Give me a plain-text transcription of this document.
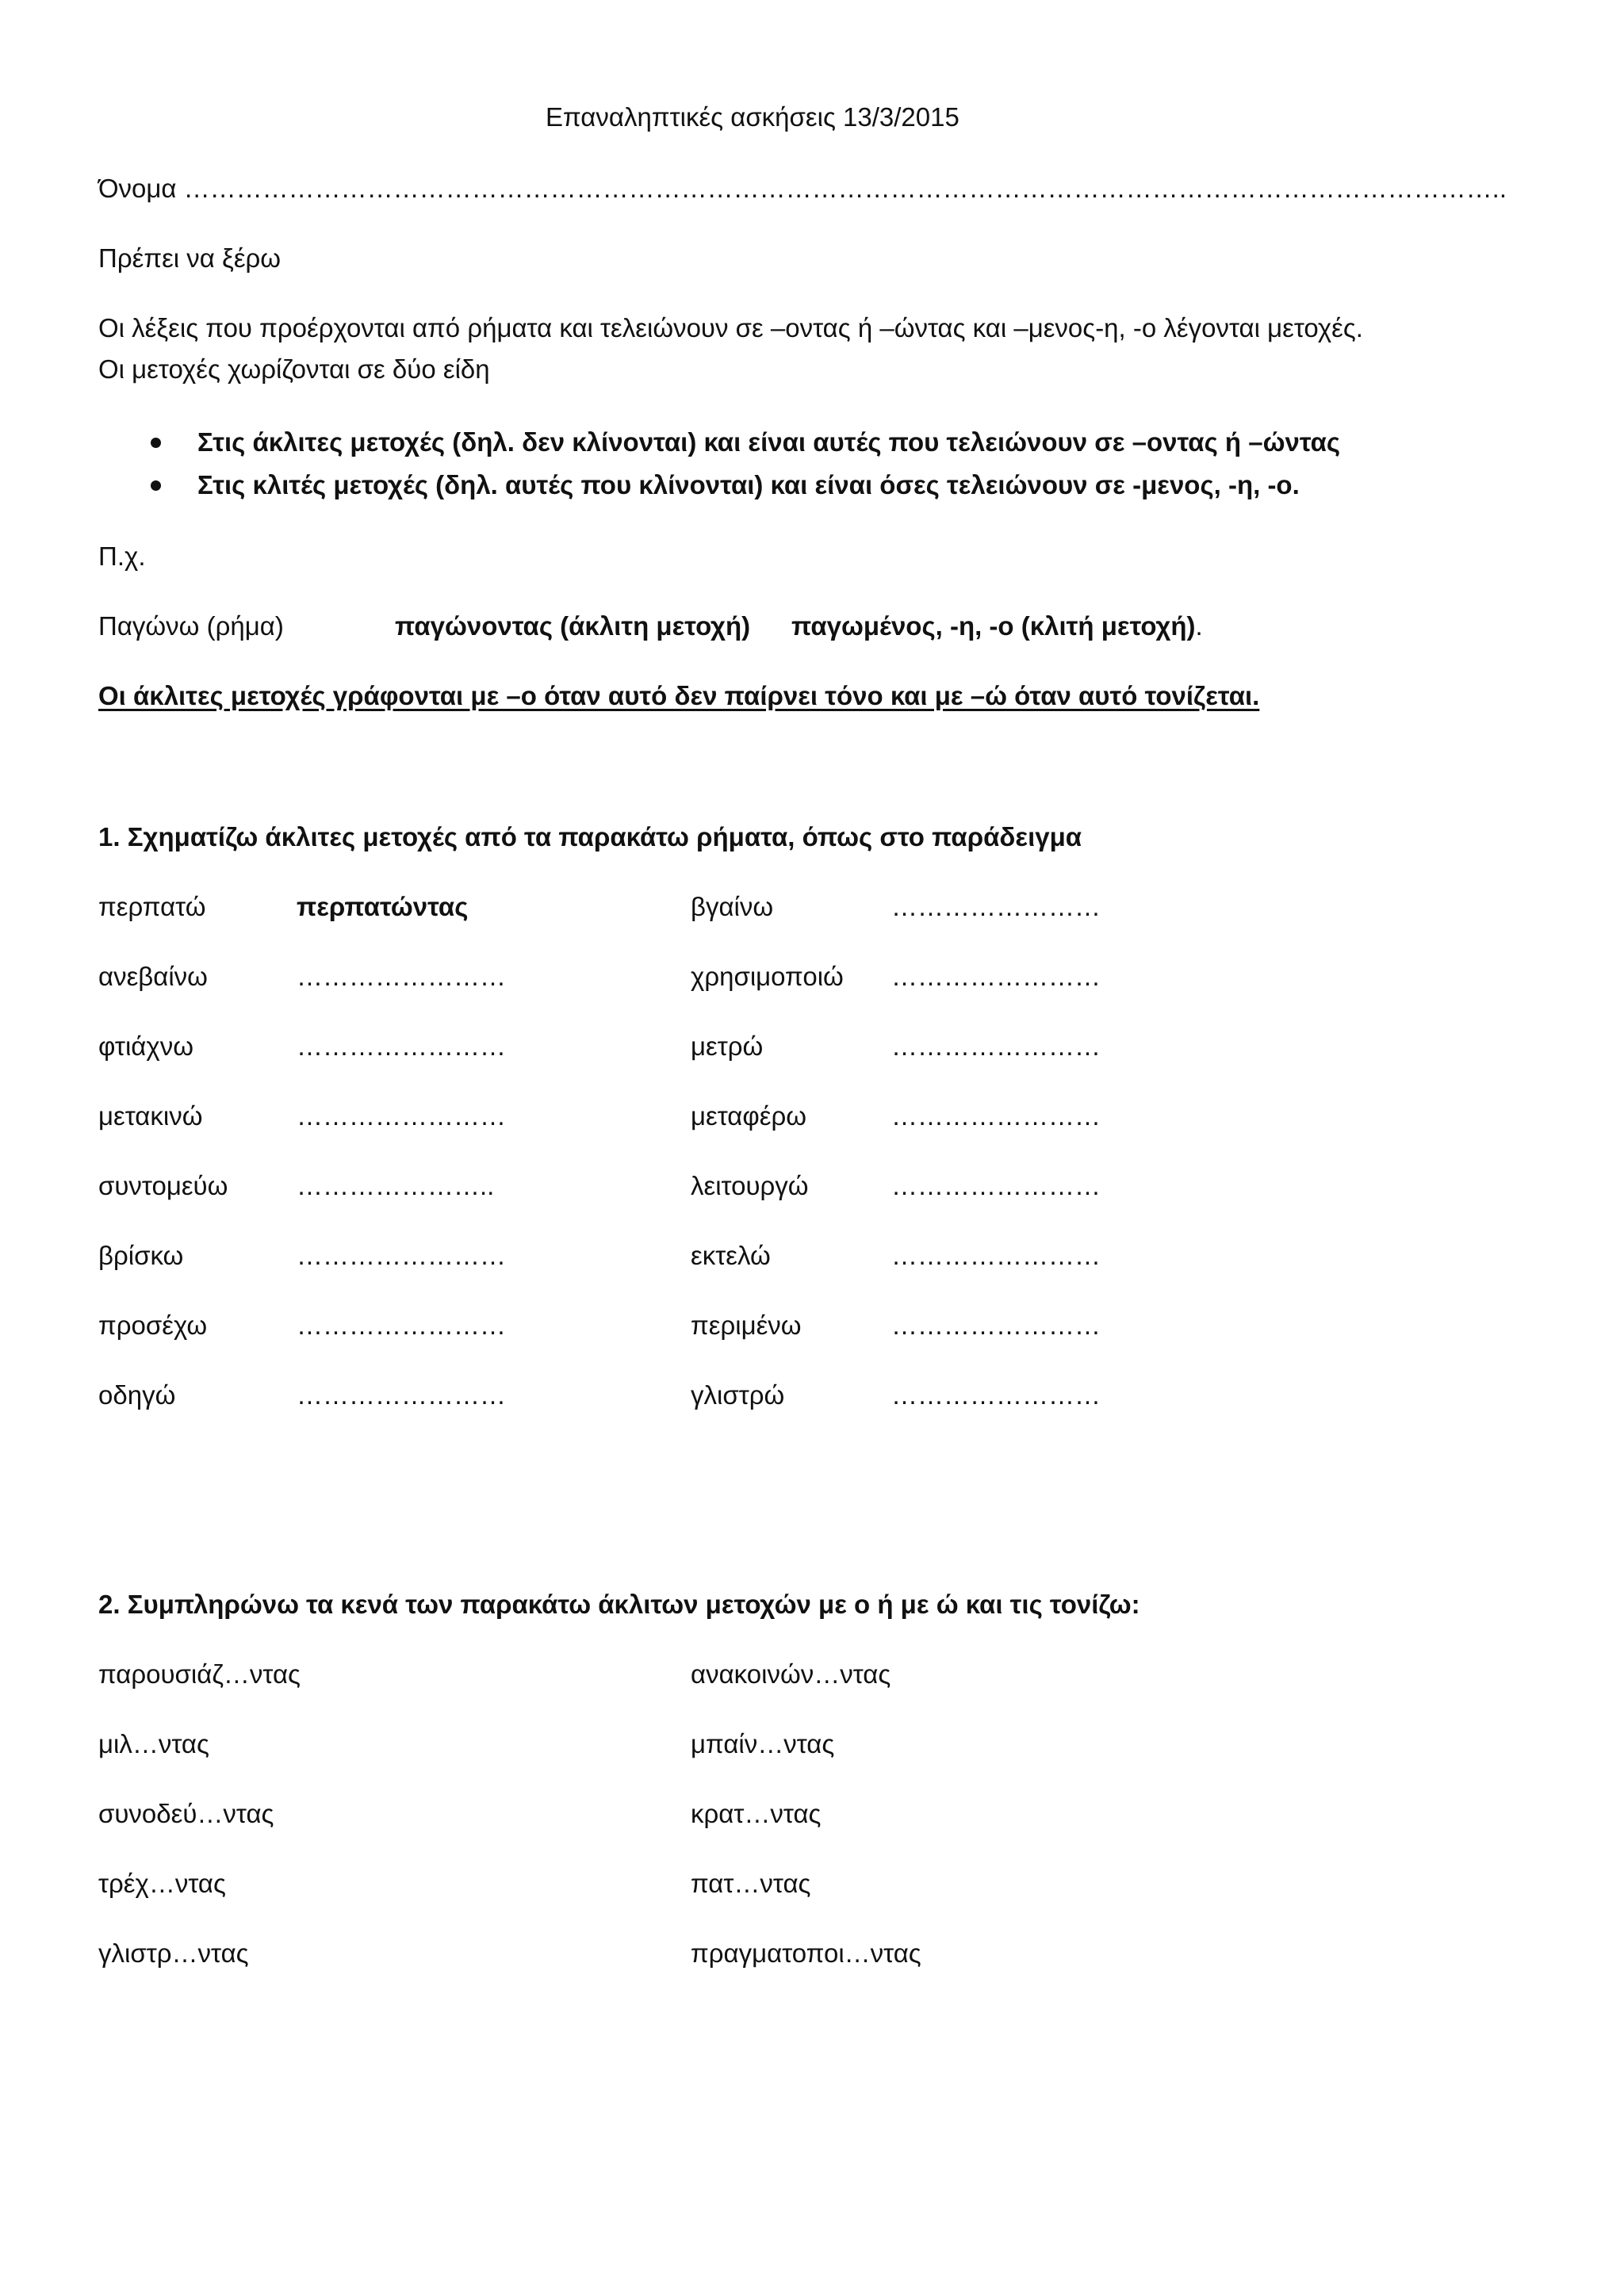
Επαναληπτικές ασκήσεις 13/3/2015
Όνομα ……………………………………………………………………………………………………………………………………..
Πρέπει να ξέρω
Οι λέξεις που προέρχονται από ρήματα και τελειώνουν σε –οντας ή –ώντας και –μενος-η, -ο λέγονται μετοχές.
Οι μετοχές χωρίζονται σε δύο είδη
Στις άκλιτες μετοχές (δηλ. δεν κλίνονται) και είναι αυτές που τελειώνουν σε –οντας ή –ώντας
Στις κλιτές μετοχές (δηλ. αυτές που κλίνονται) και είναι όσες τελειώνουν σε -μενος, -η, -ο.
Π.χ.
Παγώνω (ρήμα)	παγώνοντας (άκλιτη μετοχή) παγωμένος, -η, -ο (κλιτή μετοχή).
Οι άκλιτες μετοχές γράφονται με –ο όταν αυτό δεν παίρνει τόνο και με –ώ όταν αυτό τονίζεται.
1. Σχηματίζω άκλιτες μετοχές από τα παρακάτω ρήματα, όπως στο παράδειγμα
περπατώ	περπατώντας	βγαίνω	……………………
ανεβαίνω	……………………	χρησιμοποιώ ……………………
φτιάχνω	……………………	μετρώ	……………………
μετακινώ	……………………	μεταφέρω	……………………
συντομεύω	…………………..	λειτουργώ	……………………
βρίσκω	……………………	εκτελώ	……………………
προσέχω	……………………	περιμένω	……………………
οδηγώ	……………………	γλιστρώ	……………………
2. Συμπληρώνω τα κενά των παρακάτω άκλιτων μετοχών με ο ή με ώ και τις τονίζω:
παρουσιάζ…ντας	ανακοινών…ντας
μιλ…ντας	μπαίν…ντας
συνοδεύ…ντας	κρατ…ντας
τρέχ…ντας	πατ…ντας
γλιστρ…ντας	πραγματοποι…ντας
